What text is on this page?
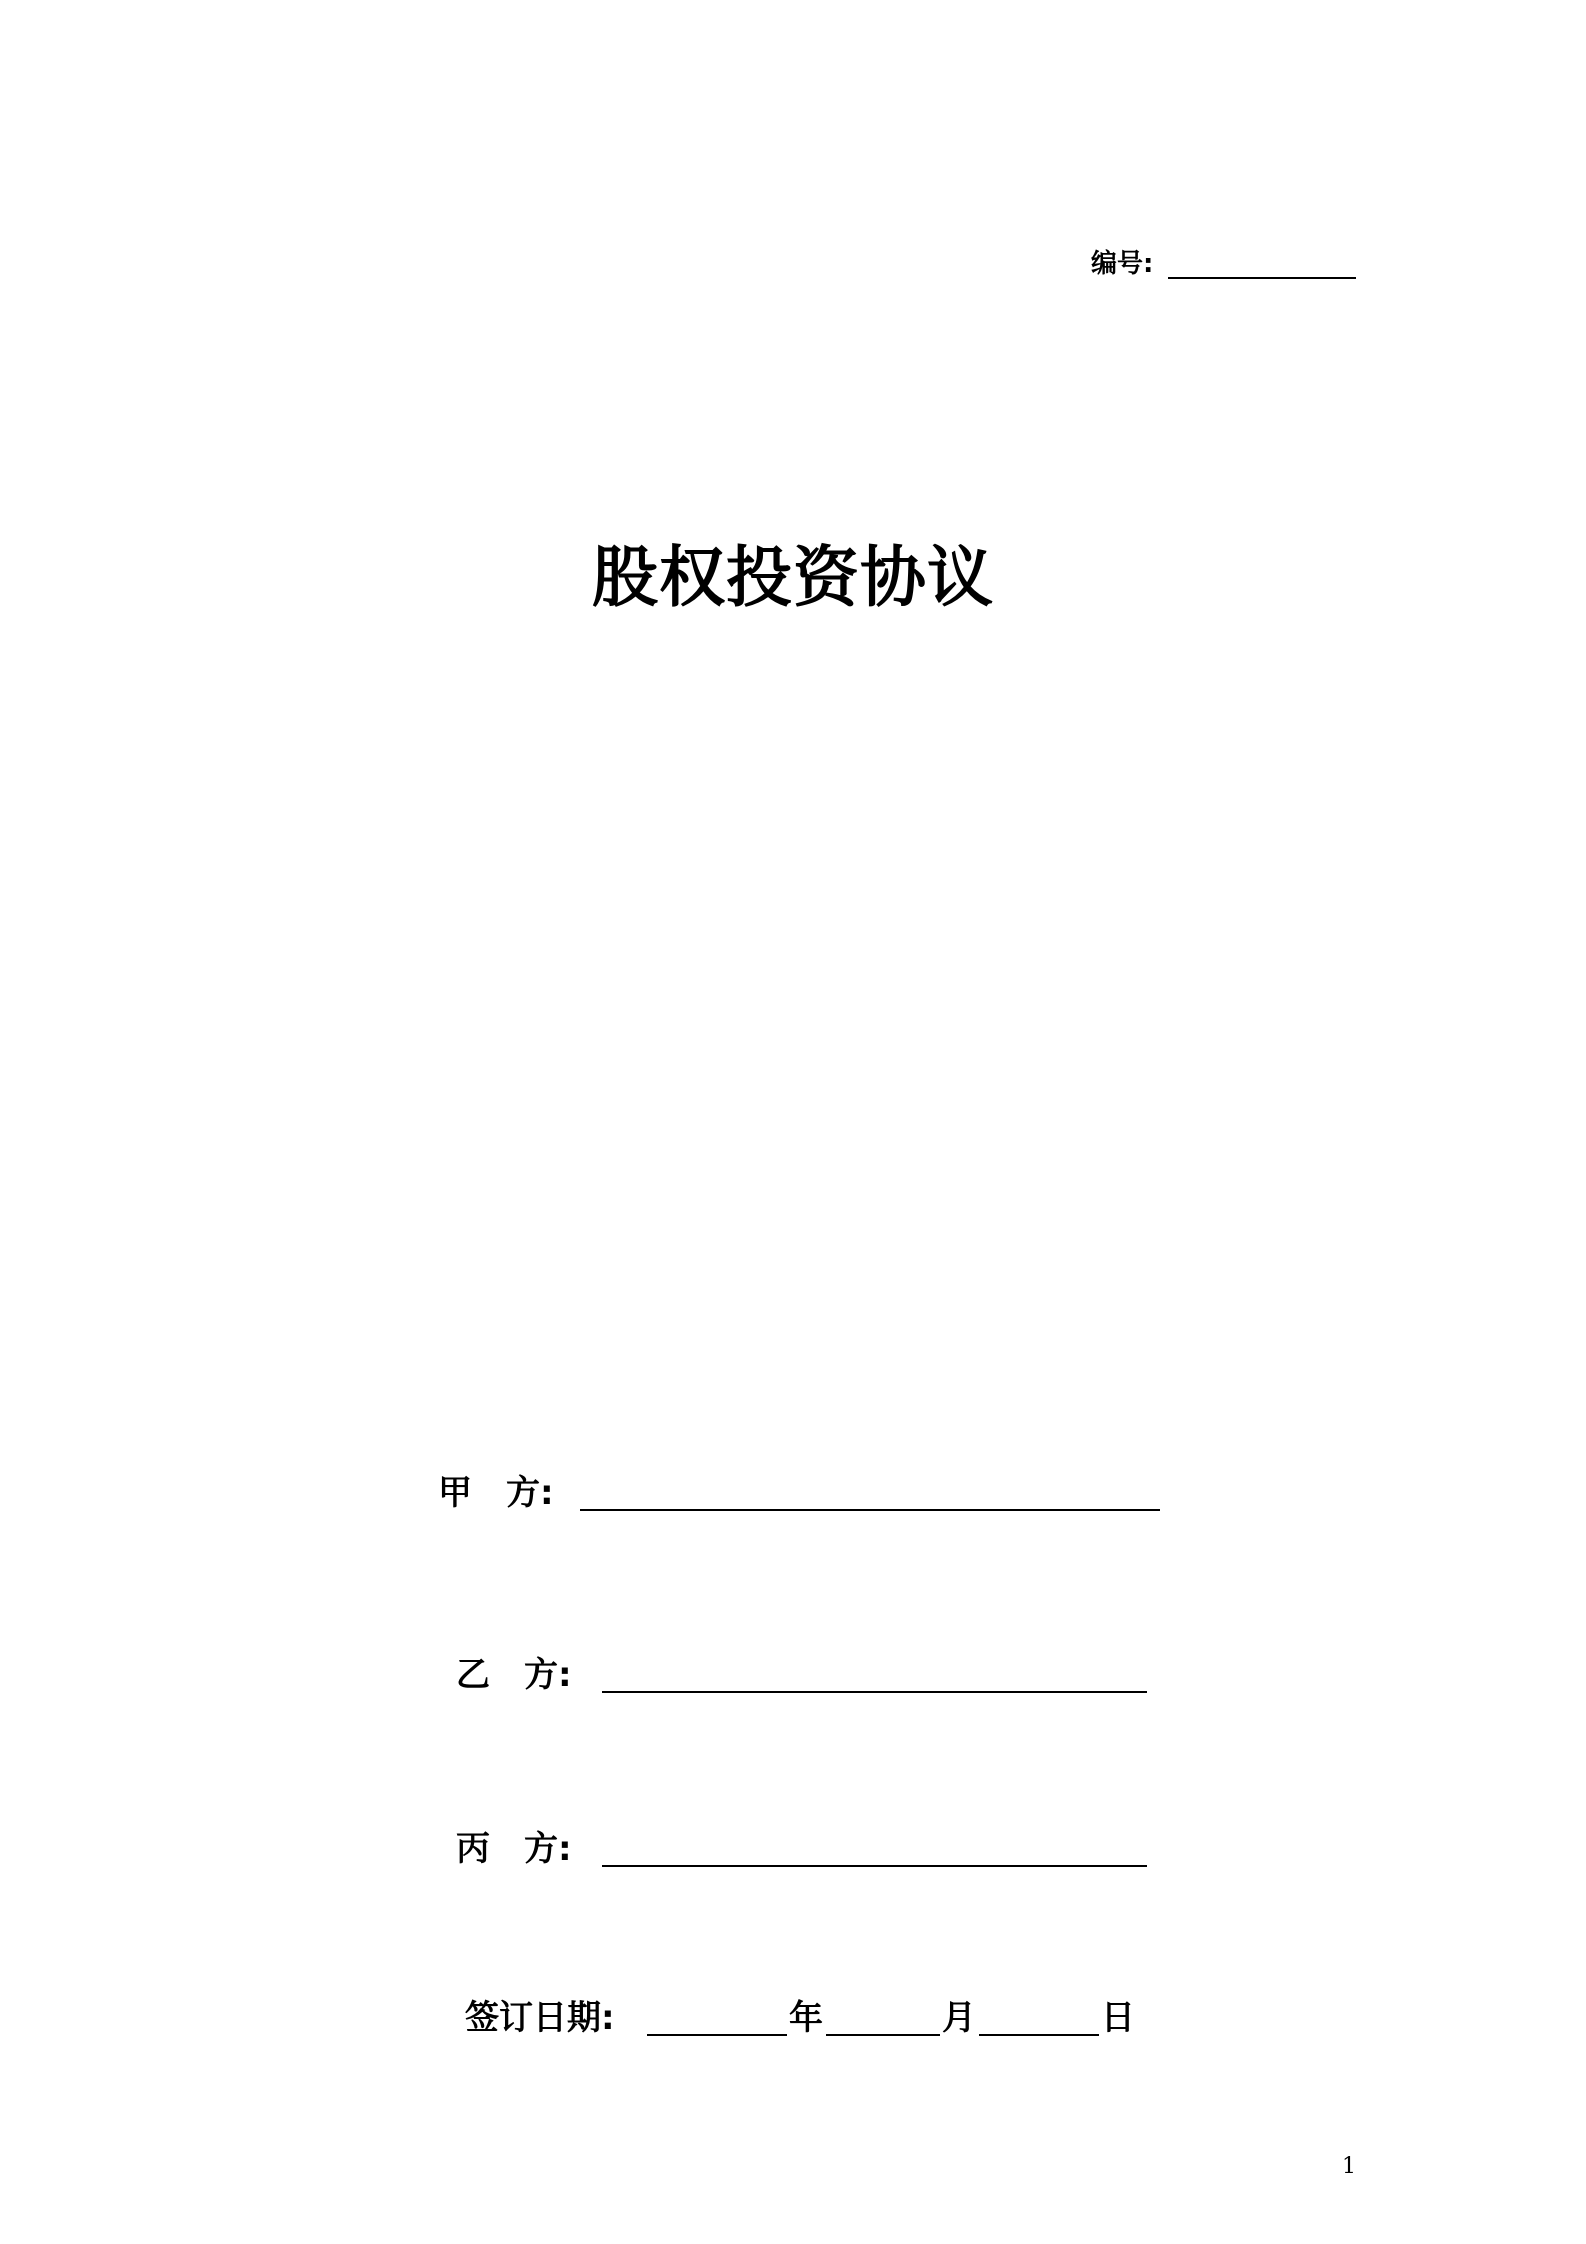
编号:
股权投资协议
甲　方:
乙　方:
丙　方:
签订日期:	年	月	日
1
